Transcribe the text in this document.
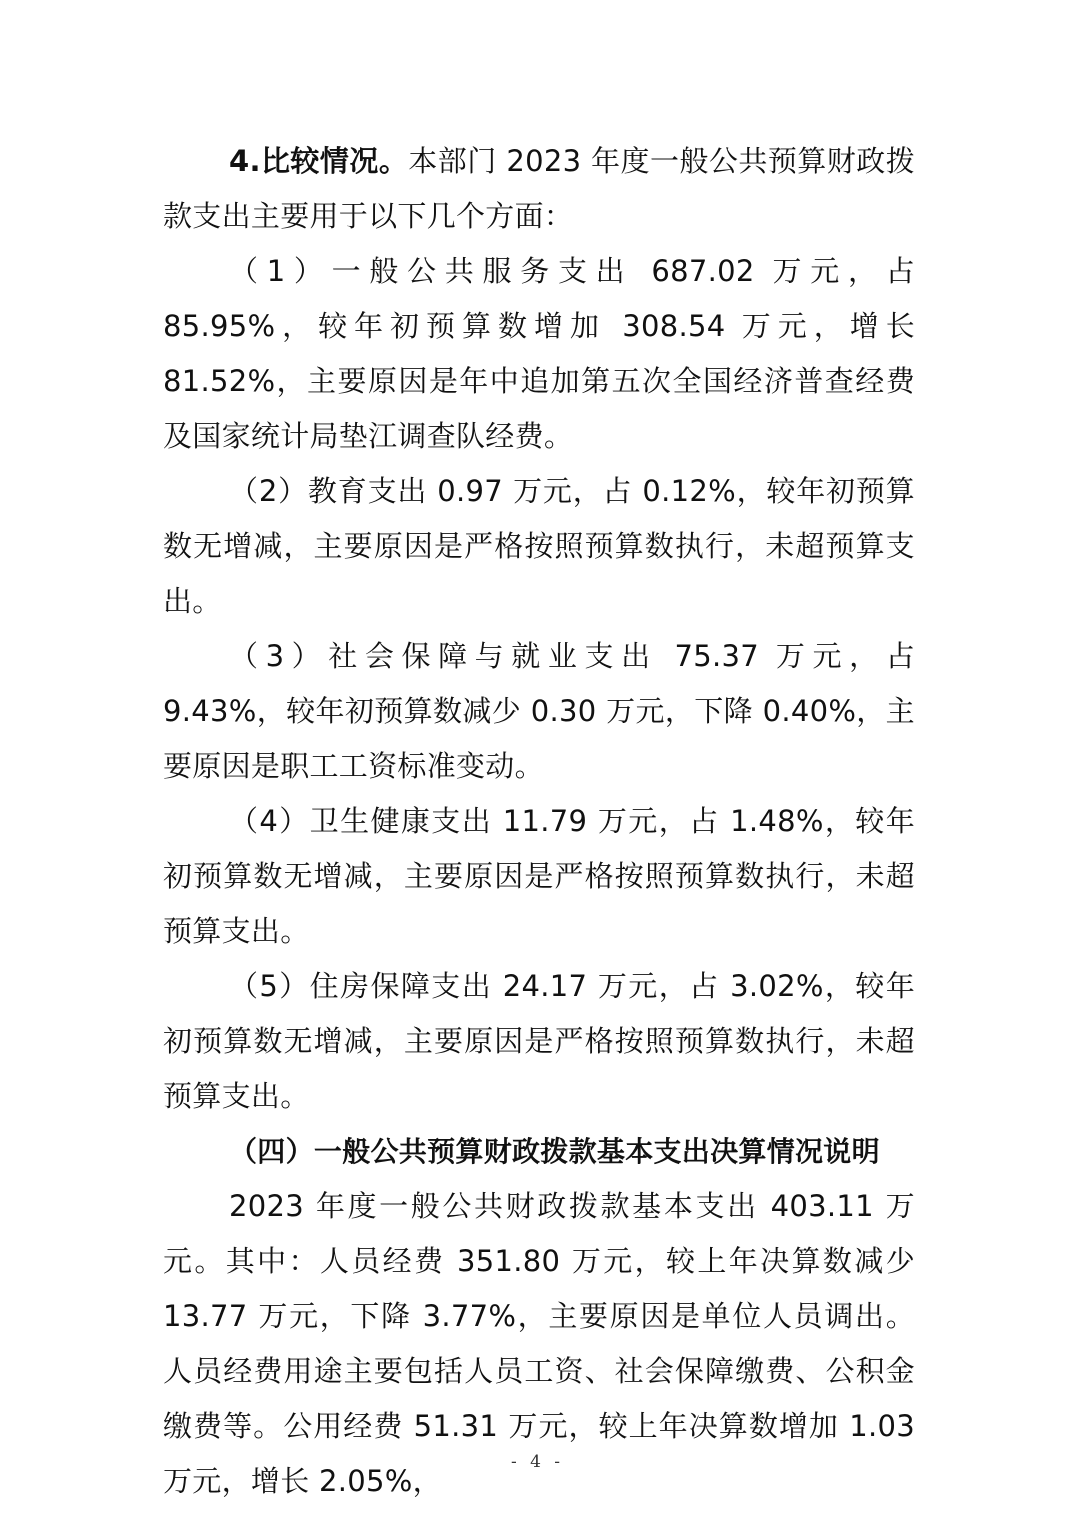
4.比较情况。本部门 2023 年度一般公共预算财政拨款支出主要用于以下几个方面：

（1）一般公共服务支出 687.02 万元，占 85.95%，较年初预算数增加 308.54 万元，增长 81.52%，主要原因是年中追加第五次全国经济普查经费及国家统计局垫江调查队经费。

（2）教育支出 0.97 万元，占 0.12%，较年初预算数无增减，主要原因是严格按照预算数执行，未超预算支出。

（3）社会保障与就业支出 75.37 万元，占 9.43%，较年初预算数减少 0.30 万元，下降 0.40%，主要原因是职工工资标准变动。

（4）卫生健康支出 11.79 万元，占 1.48%，较年初预算数无增减，主要原因是严格按照预算数执行，未超预算支出。

（5）住房保障支出 24.17 万元，占 3.02%，较年初预算数无增减，主要原因是严格按照预算数执行，未超预算支出。

（四）一般公共预算财政拨款基本支出决算情况说明

2023 年度一般公共财政拨款基本支出 403.11 万元。其中：人员经费 351.80 万元，较上年决算数减少 13.77 万元，下降 3.77%，主要原因是单位人员调出。人员经费用途主要包括人员工资、社会保障缴费、公积金缴费等。公用经费 51.31 万元，较上年决算数增加 1.03 万元，增长 2.05%，

- 4 -
